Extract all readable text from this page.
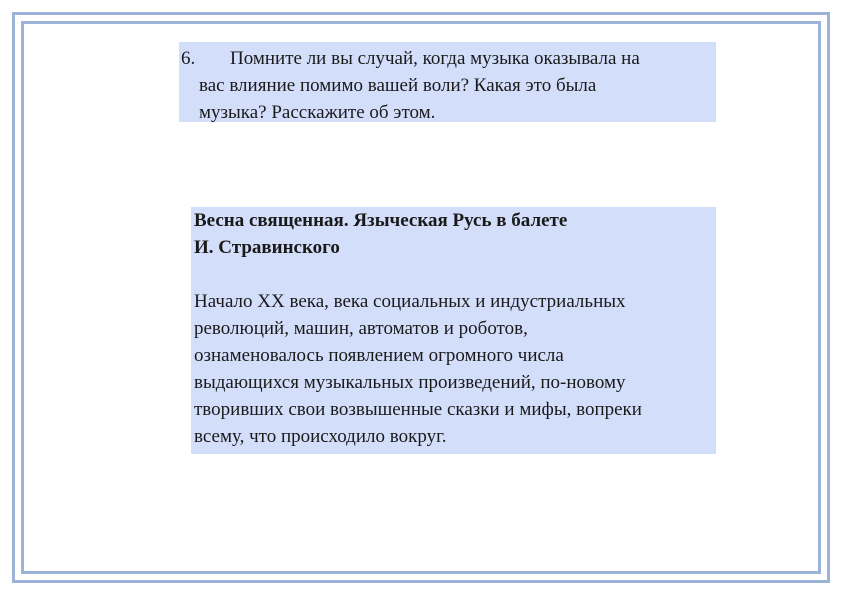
6.	Помните ли вы случай, когда музыка оказывала на
вас влияние помимо вашей воли? Какая это была
музыка? Расскажите об этом.
Весна священная. Языческая Русь в балете
И. Стравинского
Начало XX века, века социальных и индустриальных
революций, машин, автоматов и роботов,
ознаменовалось появлением огромного числа
выдающихся музыкальных произведений, по-новому
творивших свои возвышенные сказки и мифы, вопреки
всему, что происходило вокруг.
